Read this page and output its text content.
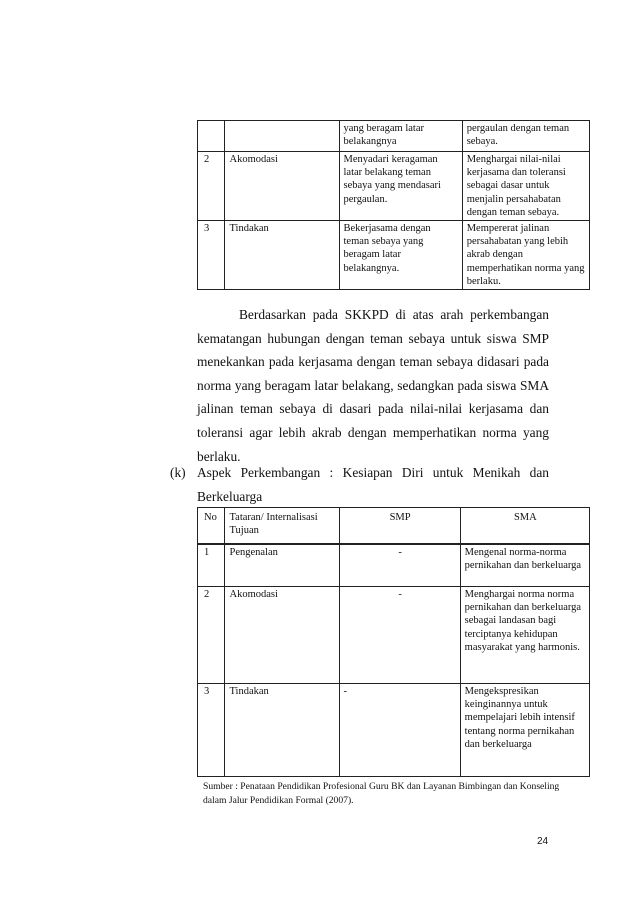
		yang beragam latar belakangnya	pergaulan dengan teman sebaya.
2	Akomodasi	Menyadari keragaman latar belakang teman sebaya yang mendasari pergaulan.	Menghargai nilai-nilai kerjasama dan toleransi sebagai dasar untuk menjalin persahabatan dengan teman sebaya.
3	Tindakan	Bekerjasama dengan teman sebaya yang beragam latar belakangnya.	Mempererat jalinan persahabatan yang lebih akrab dengan memperhatikan norma yang berlaku.
Berdasarkan pada SKKPD di atas arah perkembangan kematangan hubungan dengan teman sebaya untuk siswa SMP menekankan pada kerjasama dengan teman sebaya didasari pada norma yang beragam latar belakang, sedangkan pada siswa SMA jalinan teman sebaya di dasari pada nilai-nilai kerjasama dan toleransi agar lebih akrab dengan memperhatikan norma yang berlaku.
(k) Aspek Perkembangan : Kesiapan Diri untuk Menikah dan Berkeluarga
No	Tataran/ Internalisasi Tujuan	SMP	SMA
1	Pengenalan	-	Mengenal norma-norma pernikahan dan berkeluarga
2	Akomodasi	-	Menghargai norma norma pernikahan dan berkeluarga sebagai landasan bagi terciptanya kehidupan masyarakat yang harmonis.
3	Tindakan	-	Mengekspresikan keinginannya untuk mempelajari lebih intensif tentang norma pernikahan dan berkeluarga
Sumber : Penataan Pendidikan Profesional Guru BK dan Layanan Bimbingan dan Konseling dalam Jalur Pendidikan Formal (2007).
24
